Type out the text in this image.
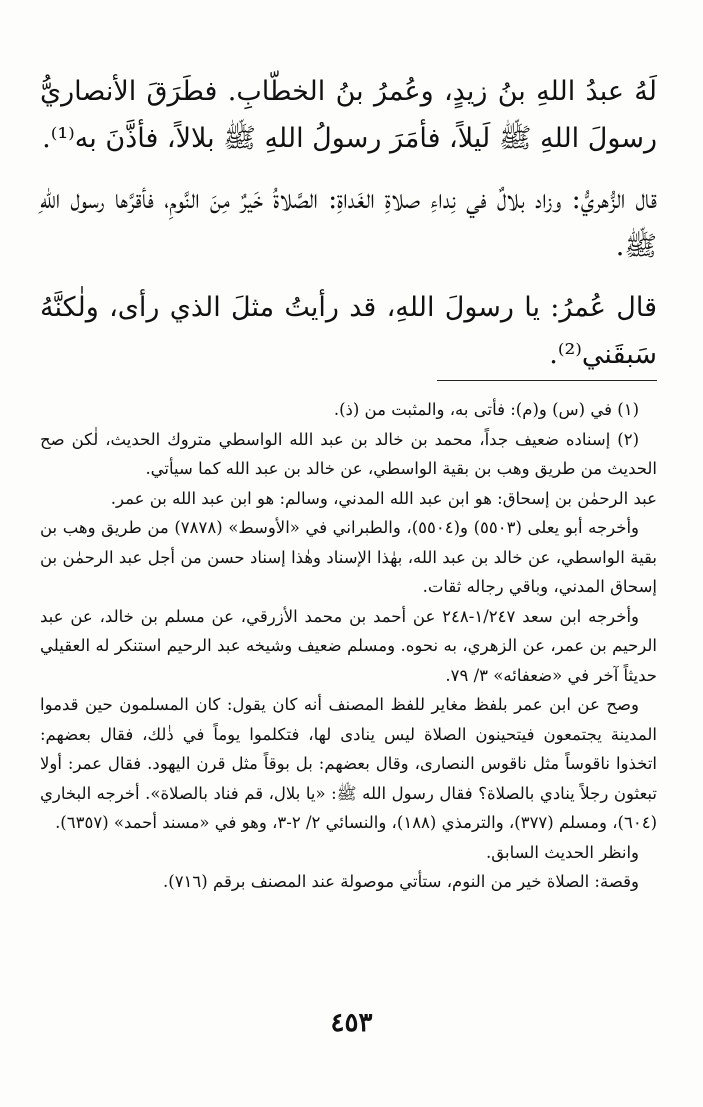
لَهُ عبدُ اللهِ بنُ زيدٍ، وعُمرُ بنُ الخطّابِ. فطَرَقَ الأنصاريُّ رسولَ اللهِ ﷺ لَيلاً، فأمَرَ رسولُ اللهِ ﷺ بلالاً، فأذَّنَ به⁽¹⁾.

قال الزُّهريُّ: وزاد بلالٌ في نِداءِ صلاةِ الغَداةِ: الصَّلاةُ خَيرٌ مِنَ النَّومِ، فأقرَّها رسول اللهِ ﷺ.

قال عُمرُ: يا رسولَ اللهِ، قد رأيتُ مثلَ الذي رأى، ولٰكنَّهُ سَبقَني⁽²⁾.

(١) في (س) و(م): فأتى به، والمثبت من (ذ).

(٢) إسناده ضعيف جداً، محمد بن خالد بن عبد الله الواسطي متروك الحديث، لٰكن صح الحديث من طريق وهب بن بقية الواسطي، عن خالد بن عبد الله كما سيأتي.

عبد الرحمٰن بن إسحاق: هو ابن عبد الله المدني، وسالم: هو ابن عبد الله بن عمر.

وأخرجه أبو يعلى (٥٥٠٣) و(٥٥٠٤)، والطبراني في «الأوسط» (٧٨٧٨) من طريق وهب بن بقية الواسطي، عن خالد بن عبد الله، بهٰذا الإسناد وهٰذا إسناد حسن من أجل عبد الرحمٰن بن إسحاق المدني، وباقي رجاله ثقات.

وأخرجه ابن سعد ١/٢٤٧-٢٤٨ عن أحمد بن محمد الأزرقي، عن مسلم بن خالد، عن عبد الرحيم بن عمر، عن الزهري، به نحوه. ومسلم ضعيف وشيخه عبد الرحيم استنكر له العقيلي حديثاً آخر في «ضعفائه» ٣/ ٧٩.

وصح عن ابن عمر بلفظ مغاير للفظ المصنف أنه كان يقول: كان المسلمون حين قدموا المدينة يجتمعون فيتحينون الصلاة ليس ينادى لها، فتكلموا يوماً في ذٰلك، فقال بعضهم: اتخذوا ناقوساً مثل ناقوس النصارى، وقال بعضهم: بل بوقاً مثل قرن اليهود. فقال عمر: أولا تبعثون رجلاً ينادي بالصلاة؟ فقال رسول الله ﷺ: «يا بلال، قم فناد بالصلاة». أخرجه البخاري (٦٠٤)، ومسلم (٣٧٧)، والترمذي (١٨٨)، والنسائي ٢/ ٢-٣، وهو في «مسند أحمد» (٦٣٥٧).

وانظر الحديث السابق.

وقصة: الصلاة خير من النوم، ستأتي موصولة عند المصنف برقم (٧١٦).

٤٥٣
